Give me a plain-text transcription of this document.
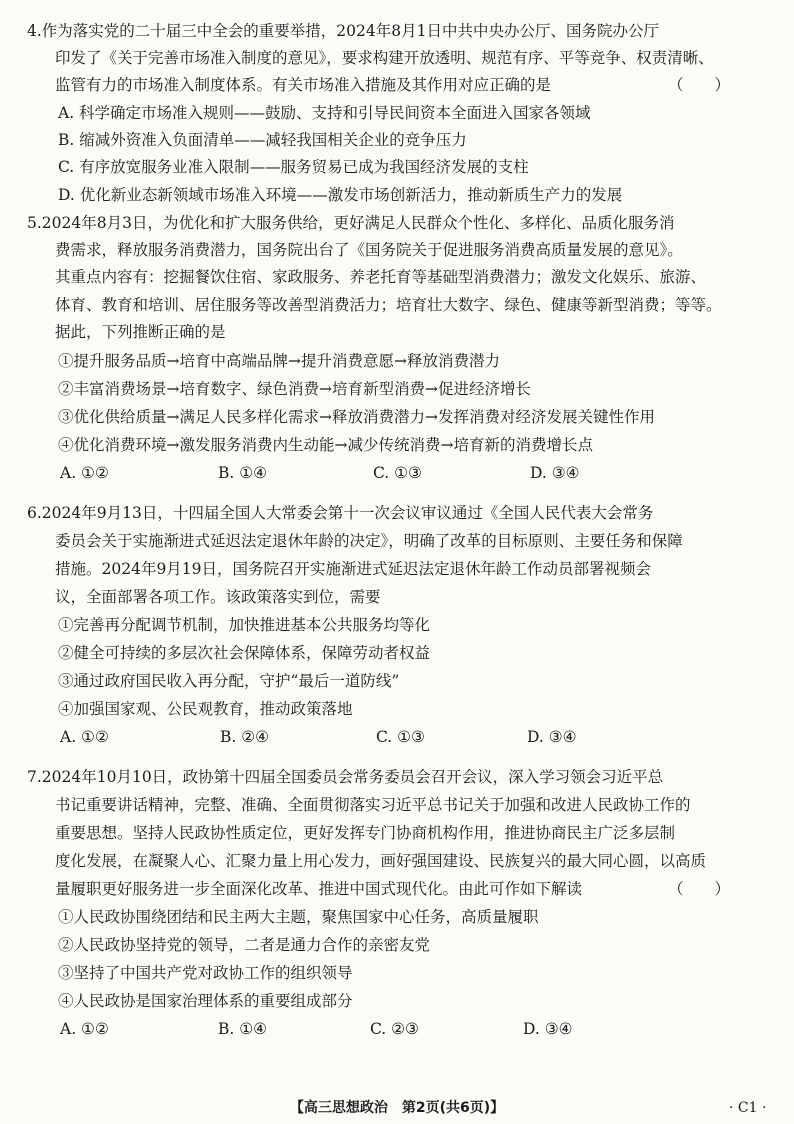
4.作为落实党的二十届三中全会的重要举措，2024年8月1日中共中央办公厅、国务院办公厅
印发了《关于完善市场准入制度的意见》，要求构建开放透明、规范有序、平等竞争、权责清晰、
监管有力的市场准入制度体系。有关市场准入措施及其作用对应正确的是	（　　）
A. 科学确定市场准入规则——鼓励、支持和引导民间资本全面进入国家各领域
B. 缩减外资准入负面清单——减轻我国相关企业的竞争压力
C. 有序放宽服务业准入限制——服务贸易已成为我国经济发展的支柱
D. 优化新业态新领域市场准入环境——激发市场创新活力，推动新质生产力的发展
5.2024年8月3日，为优化和扩大服务供给，更好满足人民群众个性化、多样化、品质化服务消
费需求，释放服务消费潜力，国务院出台了《国务院关于促进服务消费高质量发展的意见》。
其重点内容有：挖掘餐饮住宿、家政服务、养老托育等基础型消费潜力；激发文化娱乐、旅游、
体育、教育和培训、居住服务等改善型消费活力；培育壮大数字、绿色、健康等新型消费；等等。
据此，下列推断正确的是
①提升服务品质→培育中高端品牌→提升消费意愿→释放消费潜力
②丰富消费场景→培育数字、绿色消费→培育新型消费→促进经济增长
③优化供给质量→满足人民多样化需求→释放消费潜力→发挥消费对经济发展关键性作用
④优化消费环境→激发服务消费内生动能→减少传统消费→培育新的消费增长点
A. ①②	B. ①④	C. ①③	D. ③④
6.2024年9月13日，十四届全国人大常委会第十一次会议审议通过《全国人民代表大会常务
委员会关于实施渐进式延迟法定退休年龄的决定》，明确了改革的目标原则、主要任务和保障
措施。2024年9月19日，国务院召开实施渐进式延迟法定退休年龄工作动员部署视频会
议，全面部署各项工作。该政策落实到位，需要
①完善再分配调节机制，加快推进基本公共服务均等化
②健全可持续的多层次社会保障体系，保障劳动者权益
③通过政府国民收入再分配，守护“最后一道防线”
④加强国家观、公民观教育，推动政策落地
A. ①②	B. ②④	C. ①③	D. ③④
7.2024年10月10日，政协第十四届全国委员会常务委员会召开会议，深入学习领会习近平总
书记重要讲话精神，完整、准确、全面贯彻落实习近平总书记关于加强和改进人民政协工作的
重要思想。坚持人民政协性质定位，更好发挥专门协商机构作用，推进协商民主广泛多层制
度化发展，在凝聚人心、汇聚力量上用心发力，画好强国建设、民族复兴的最大同心圆，以高质
量履职更好服务进一步全面深化改革、推进中国式现代化。由此可作如下解读	（　　）
①人民政协围绕团结和民主两大主题，聚焦国家中心任务，高质量履职
②人民政协坚持党的领导，二者是通力合作的亲密友党
③坚持了中国共产党对政协工作的组织领导
④人民政协是国家治理体系的重要组成部分
A. ①②	B. ①④	C. ②③	D. ③④
【高三思想政治　第2页(共6页)】	· C1 ·
